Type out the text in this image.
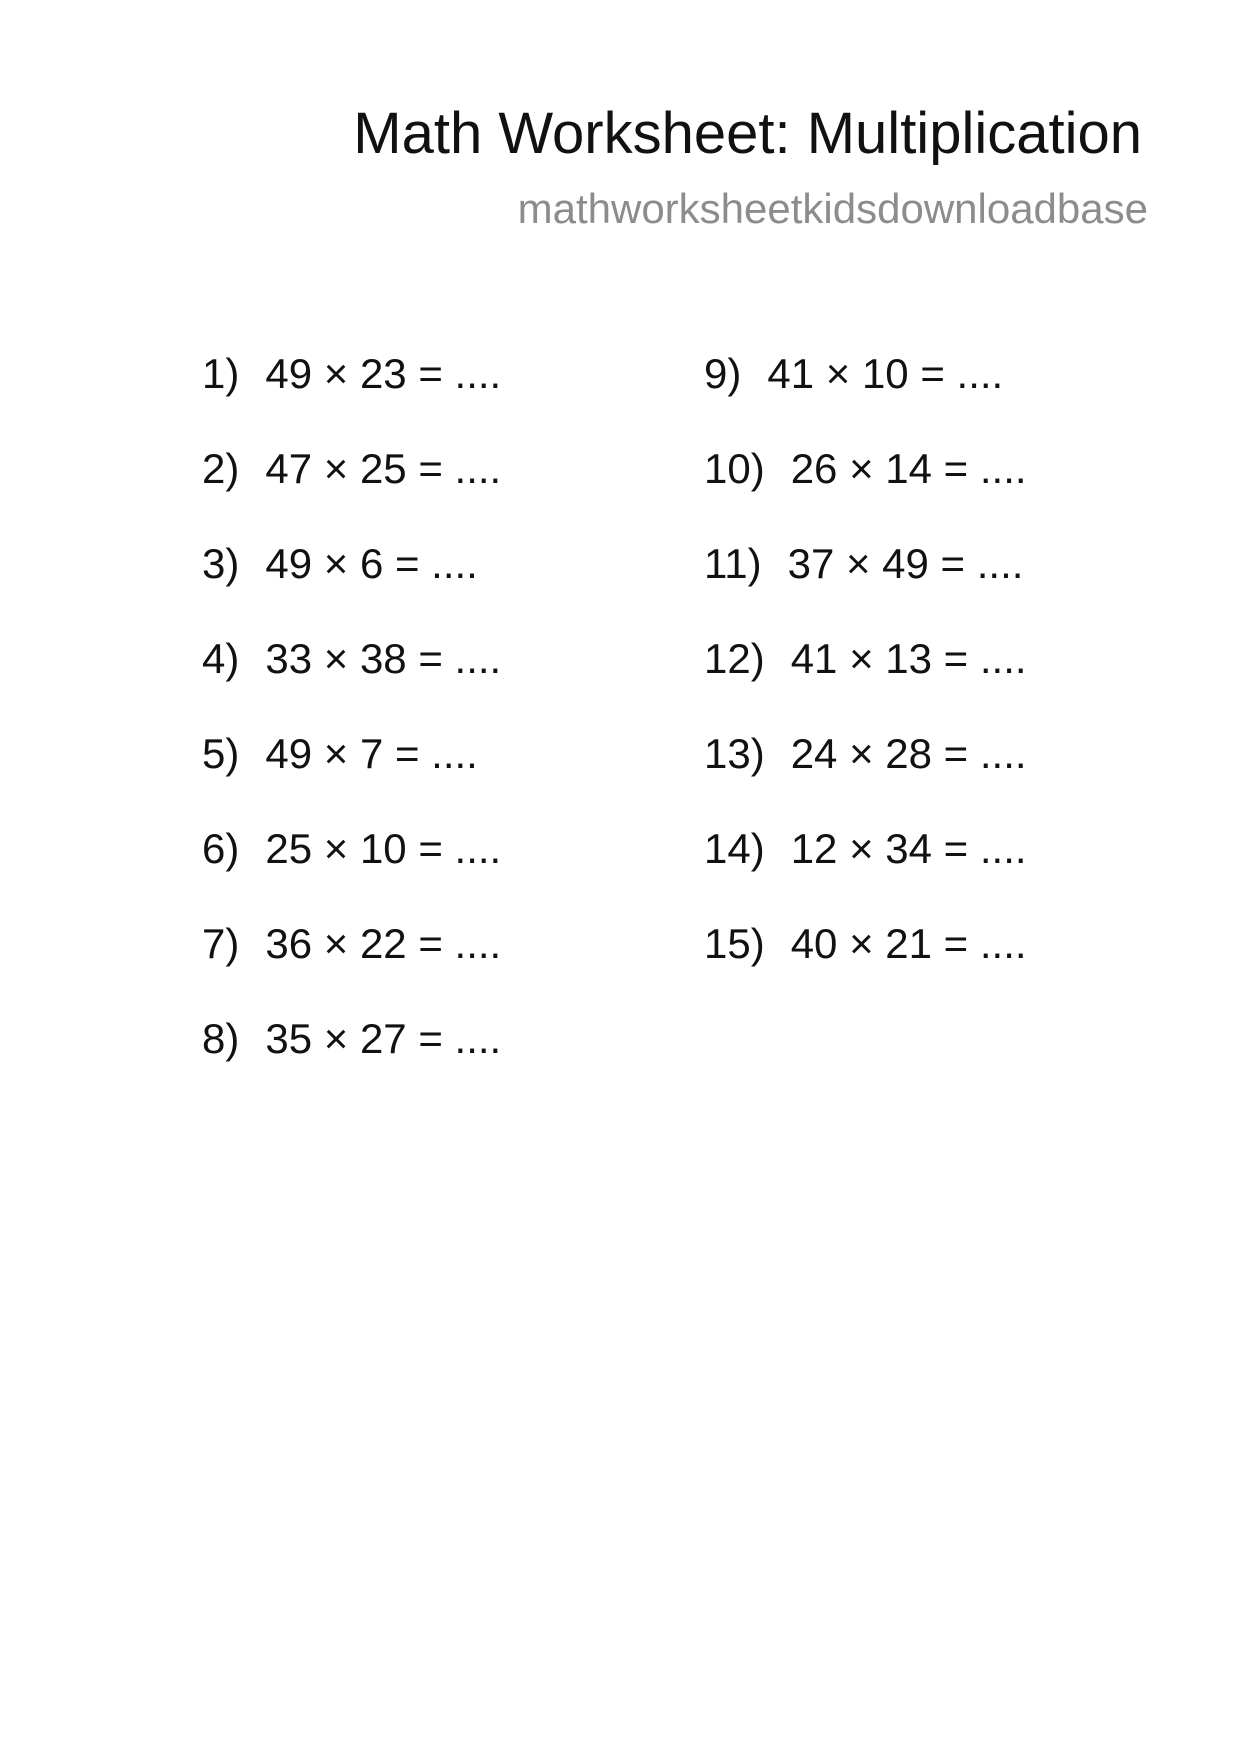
Math Worksheet: Multiplication
mathworksheetkidsdownloadbase
1) 49 × 23 = ....
2) 47 × 25 = ....
3) 49 × 6 = ....
4) 33 × 38 = ....
5) 49 × 7 = ....
6) 25 × 10 = ....
7) 36 × 22 = ....
8) 35 × 27 = ....
9) 41 × 10 = ....
10) 26 × 14 = ....
11) 37 × 49 = ....
12) 41 × 13 = ....
13) 24 × 28 = ....
14) 12 × 34 = ....
15) 40 × 21 = ....
